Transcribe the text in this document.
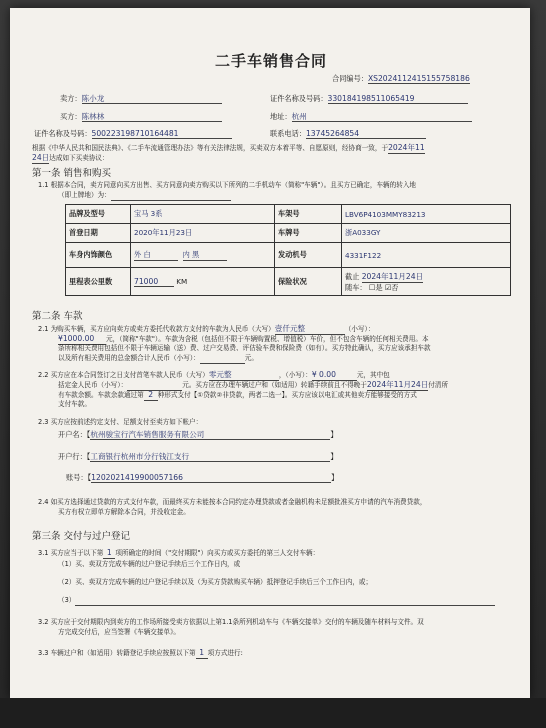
二手车销售合同
合同编号：XS20241124151557581​86
卖方：陈小龙	证件名称及号码：330184198511065419
买方：陈林林	地址：杭州
证件名称及号码：500223198710164481	联系电话：13745264854
根据《中华人民共和国民法典》、《二手车流通管理办法》等有关法律法规，买卖双方本着平等、自愿原则，经协商一致，于2024年11
24日达成如下买卖协议：
第一条 销售和购买
1.1 根据本合同，卖方同意向买方出售、买方同意向卖方购买以下所列的二手机动车（简称"车辆"）。且买方已确定，车辆的转入地
（即上牌地）为：
品牌及型号	宝马 3系	车架号	LBV6P4103MMY83213
首登日期	2020年11月23日	车牌号	浙A033GY
车身内饰颜色	外 白 内 黑	发动机号	4331F122
里程表公里数	71000 KM	保险状况	截止 2024年11月24日
随车： ☐是 ☑否
第二条 车款
2.1 为购买车辆，买方应向卖方或卖方委托代收款方支付的车款为人民币（大写）壹仟元整	（小写）：
¥1000.00 元，（简称"车款"）。车款为含税（包括但不限于车辆购置税、增值税）车价，但不包含车辆的任何相关费用。本
条所称相关费用包括但不限于车辆运输（送）费、过户交易费、评估验车费和保险费（如有）。买方特此确认，买方应该承担车款
以及所有相关费用的总金额合计人民币（小写）：	元。
2.2 买方应在本合同签订之日支付首笔车款人民币（大写）零元整	，（小写）：¥ 0.00	元，其中包
括定金人民币（小写）：	元。买方应在办理车辆过户和（如适用）转籍手续前且不得晚于2024年11月24日付清所
有车款余额。车款余款通过第 2 种形式支付【①贷款②非贷款，两者二选一】。买方应该以电汇或其他卖方能够接受的方式
支付车款。
2.3 买方应按前述约定支付、足额支付至卖方如下帐户：
开户名：【杭州骏宝行汽车销售服务有限公司	】
开户行：【工商银行杭州市分行钱江支行	】
账号：【1202021419900057166	】
2.4 如买方选择通过贷款的方式支付车款，而最终买方未能按本合同约定办理贷款或者金融机构未足额批准买方申请的汽车消费贷款，
买方有权立即单方解除本合同，并没收定金。
第三条 交付与过户登记
3.1 买方应当于以下第 1 项所确定的时间（"交付期限"）向买方或买方委托的第三人交付车辆：
（1）买、卖双方完成车辆的过户登记手续后三个工作日内，或
（2）买、卖双方完成车辆的过户登记手续以及（为买方贷款购买车辆）抵押登记手续后三个工作日内，或；
（3）
3.2 买方应于交付期限内到卖方的工作场所接受卖方依据以上第1.1条所列机动车与《车辆交接单》交付的车辆及随车材料与文件。双
方完成交付后，应当签署《车辆交接单》。
3.3 车辆过户和（如适用）转籍登记手续应按照以下第 1 项方式进行:
